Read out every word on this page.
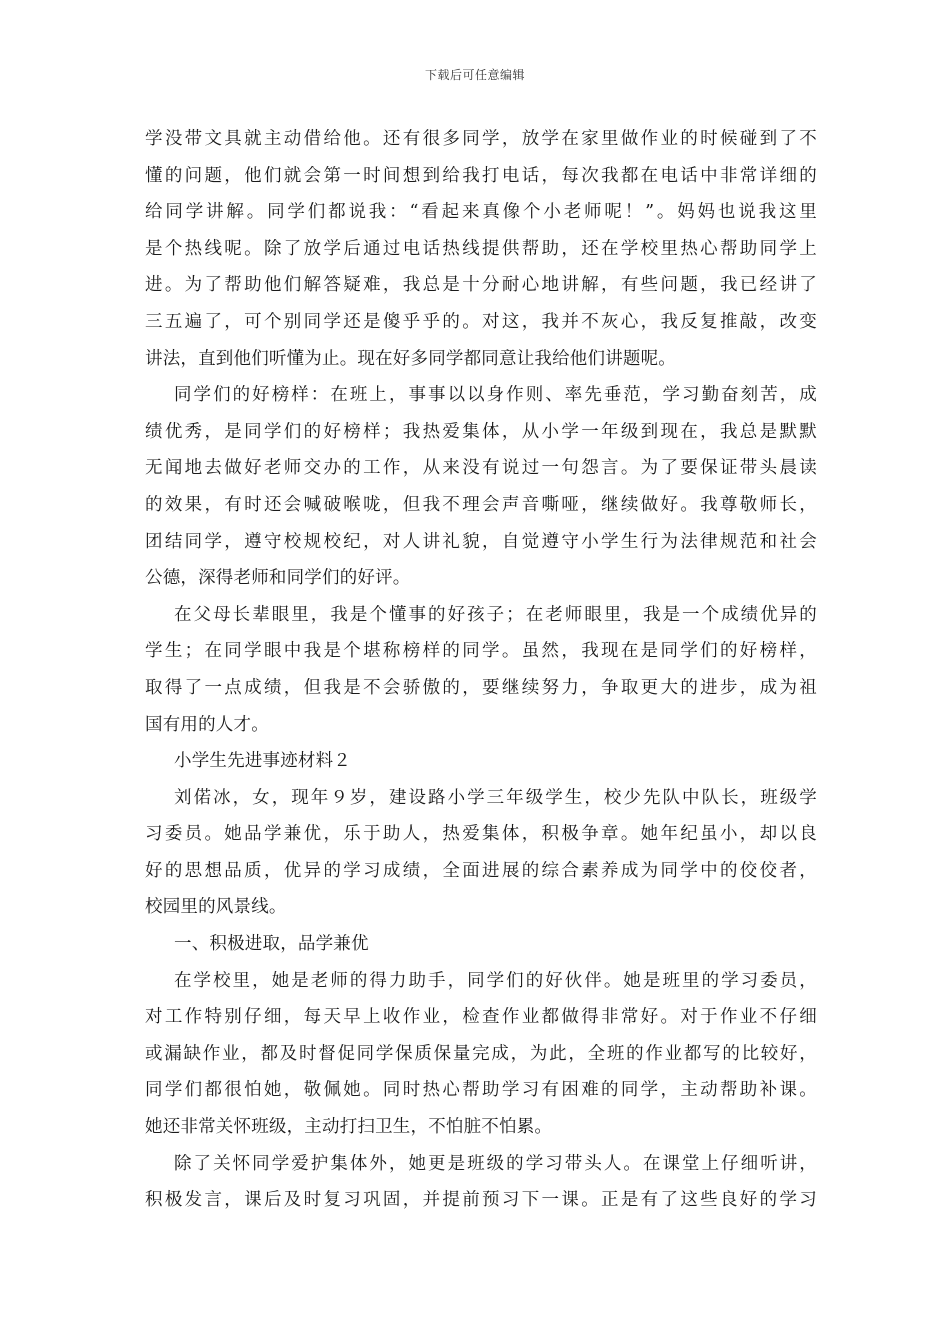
下载后可任意编辑
学没带文具就主动借给他。还有很多同学，放学在家里做作业的时候碰到了不
懂的问题，他们就会第一时间想到给我打电话，每次我都在电话中非常详细的
给同学讲解。同学们都说我：“看起来真像个小老师呢！”。妈妈也说我这里
是个热线呢。除了放学后通过电话热线提供帮助，还在学校里热心帮助同学上
进。为了帮助他们解答疑难，我总是十分耐心地讲解，有些问题，我已经讲了
三五遍了，可个别同学还是傻乎乎的。对这，我并不灰心，我反复推敲，改变
讲法，直到他们听懂为止。现在好多同学都同意让我给他们讲题呢。
同学们的好榜样：在班上，事事以以身作则、率先垂范，学习勤奋刻苦，成
绩优秀，是同学们的好榜样；我热爱集体，从小学一年级到现在，我总是默默
无闻地去做好老师交办的工作，从来没有说过一句怨言。为了要保证带头晨读
的效果，有时还会喊破喉咙，但我不理会声音嘶哑，继续做好。我尊敬师长，
团结同学，遵守校规校纪，对人讲礼貌，自觉遵守小学生行为法律规范和社会
公德，深得老师和同学们的好评。
在父母长辈眼里，我是个懂事的好孩子；在老师眼里，我是一个成绩优异的
学生；在同学眼中我是个堪称榜样的同学。虽然，我现在是同学们的好榜样，
取得了一点成绩，但我是不会骄傲的，要继续努力，争取更大的进步，成为祖
国有用的人才。
小学生先进事迹材料２
刘偌冰，女，现年９岁，建设路小学三年级学生，校少先队中队长，班级学
习委员。她品学兼优，乐于助人，热爱集体，积极争章。她年纪虽小，却以良
好的思想品质，优异的学习成绩，全面进展的综合素养成为同学中的佼佼者，
校园里的风景线。
一、积极进取，品学兼优
在学校里，她是老师的得力助手，同学们的好伙伴。她是班里的学习委员，
对工作特别仔细，每天早上收作业，检查作业都做得非常好。对于作业不仔细
或漏缺作业，都及时督促同学保质保量完成，为此，全班的作业都写的比较好，
同学们都很怕她，敬佩她。同时热心帮助学习有困难的同学，主动帮助补课。
她还非常关怀班级，主动打扫卫生，不怕脏不怕累。
除了关怀同学爱护集体外，她更是班级的学习带头人。在课堂上仔细听讲，
积极发言，课后及时复习巩固，并提前预习下一课。正是有了这些良好的学习
